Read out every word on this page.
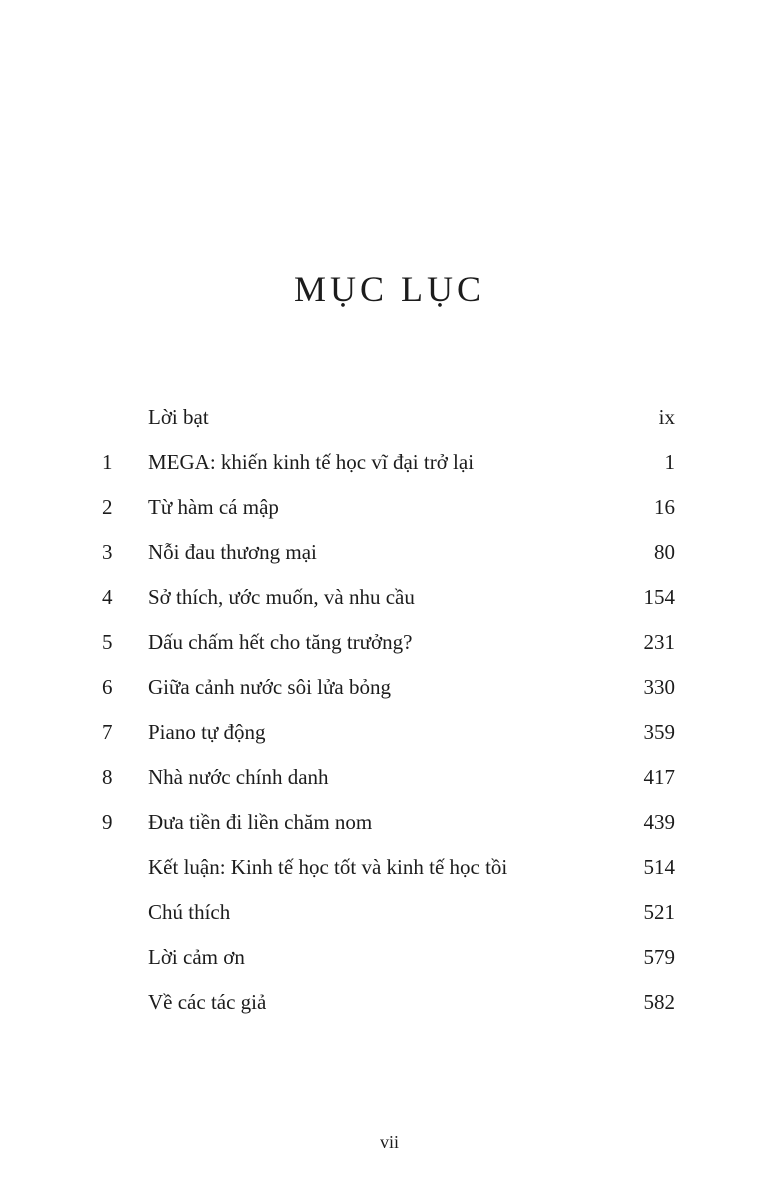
MỤC LỤC
Lời bạt	ix
1	MEGA: khiến kinh tế học vĩ đại trở lại	1
2	Từ hàm cá mập	16
3	Nỗi đau thương mại	80
4	Sở thích, ước muốn, và nhu cầu	154
5	Dấu chấm hết cho tăng trưởng?	231
6	Giữa cảnh nước sôi lửa bỏng	330
7	Piano tự động	359
8	Nhà nước chính danh	417
9	Đưa tiền đi liền chăm nom	439
Kết luận: Kinh tế học tốt và kinh tế học tồi	514
Chú thích	521
Lời cảm ơn	579
Về các tác giả	582
vii
